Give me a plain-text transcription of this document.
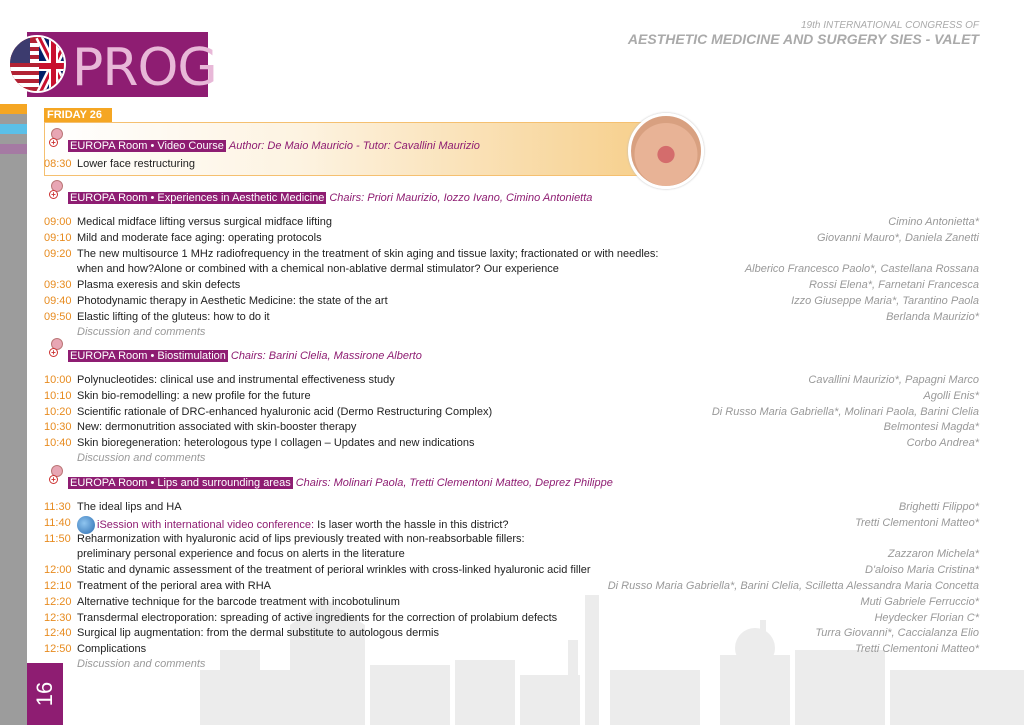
16
PROG
19th INTERNATIONAL CONGRESS OF
AESTHETIC MEDICINE AND SURGERY SIES - VALET
FRIDAY 26
+ EUROPA Room • Video Course Author: De Maio Mauricio - Tutor: Cavallini Maurizio
08:30 Lower face restructuring
+ EUROPA Room • Experiences in Aesthetic Medicine Chairs: Priori Maurizio, Iozzo Ivano, Cimino Antonietta
09:00 Medical midface lifting versus surgical midface lifting	Cimino Antonietta*
09:10 Mild and moderate face aging: operating protocols	Giovanni Mauro*, Daniela Zanetti
09:20 The new multisource 1 MHz radiofrequency in the treatment of skin aging and tissue laxity; fractionated or with needles:
when and how?Alone or combined with a chemical non-ablative dermal stimulator? Our experience	Alberico Francesco Paolo*, Castellana Rossana
09:30 Plasma exeresis and skin defects	Rossi Elena*, Farnetani Francesca
09:40 Photodynamic therapy in Aesthetic Medicine: the state of the art	Izzo Giuseppe Maria*, Tarantino Paola
09:50 Elastic lifting of the gluteus: how to do it	Berlanda Maurizio*
Discussion and comments
+ EUROPA Room • Biostimulation Chairs: Barini Clelia, Massirone Alberto
10:00 Polynucleotides: clinical use and instrumental effectiveness study	Cavallini Maurizio*, Papagni Marco
10:10 Skin bio-remodelling: a new profile for the future	Agolli Enis*
10:20 Scientific rationale of DRC-enhanced hyaluronic acid (Dermo Restructuring Complex)	Di Russo Maria Gabriella*, Molinari Paola, Barini Clelia
10:30 New: dermonutrition associated with skin-booster therapy	Belmontesi Magda*
10:40 Skin bioregeneration: heterologous type I collagen – Updates and new indications	Corbo Andrea*
Discussion and comments
+ EUROPA Room • Lips and surrounding areas Chairs: Molinari Paola, Tretti Clementoni Matteo, Deprez Philippe
11:30 The ideal lips and HA	Brighetti Filippo*
11:40	iSession with international video conference: Is laser worth the hassle in this district?	Tretti Clementoni Matteo*
11:50 Reharmonization with hyaluronic acid of lips previously treated with non-reabsorbable fillers:
preliminary personal experience and focus on alerts in the literature	Zazzaron Michela*
12:00 Static and dynamic assessment of the treatment of perioral wrinkles with cross-linked hyaluronic acid filler	D'aloiso Maria Cristina*
12:10 Treatment of the perioral area with RHA	Di Russo Maria Gabriella*, Barini Clelia, Scilletta Alessandra Maria Concetta
12:20 Alternative technique for the barcode treatment with incobotulinum	Muti Gabriele Ferruccio*
12:30 Transdermal electroporation: spreading of active ingredients for the correction of prolabium defects	Heydecker Florian C*
12:40 Surgical lip augmentation: from the dermal substitute to autologous dermis	Turra Giovanni*, Caccialanza Elio
12:50 Complications	Tretti Clementoni Matteo*
Discussion and comments
